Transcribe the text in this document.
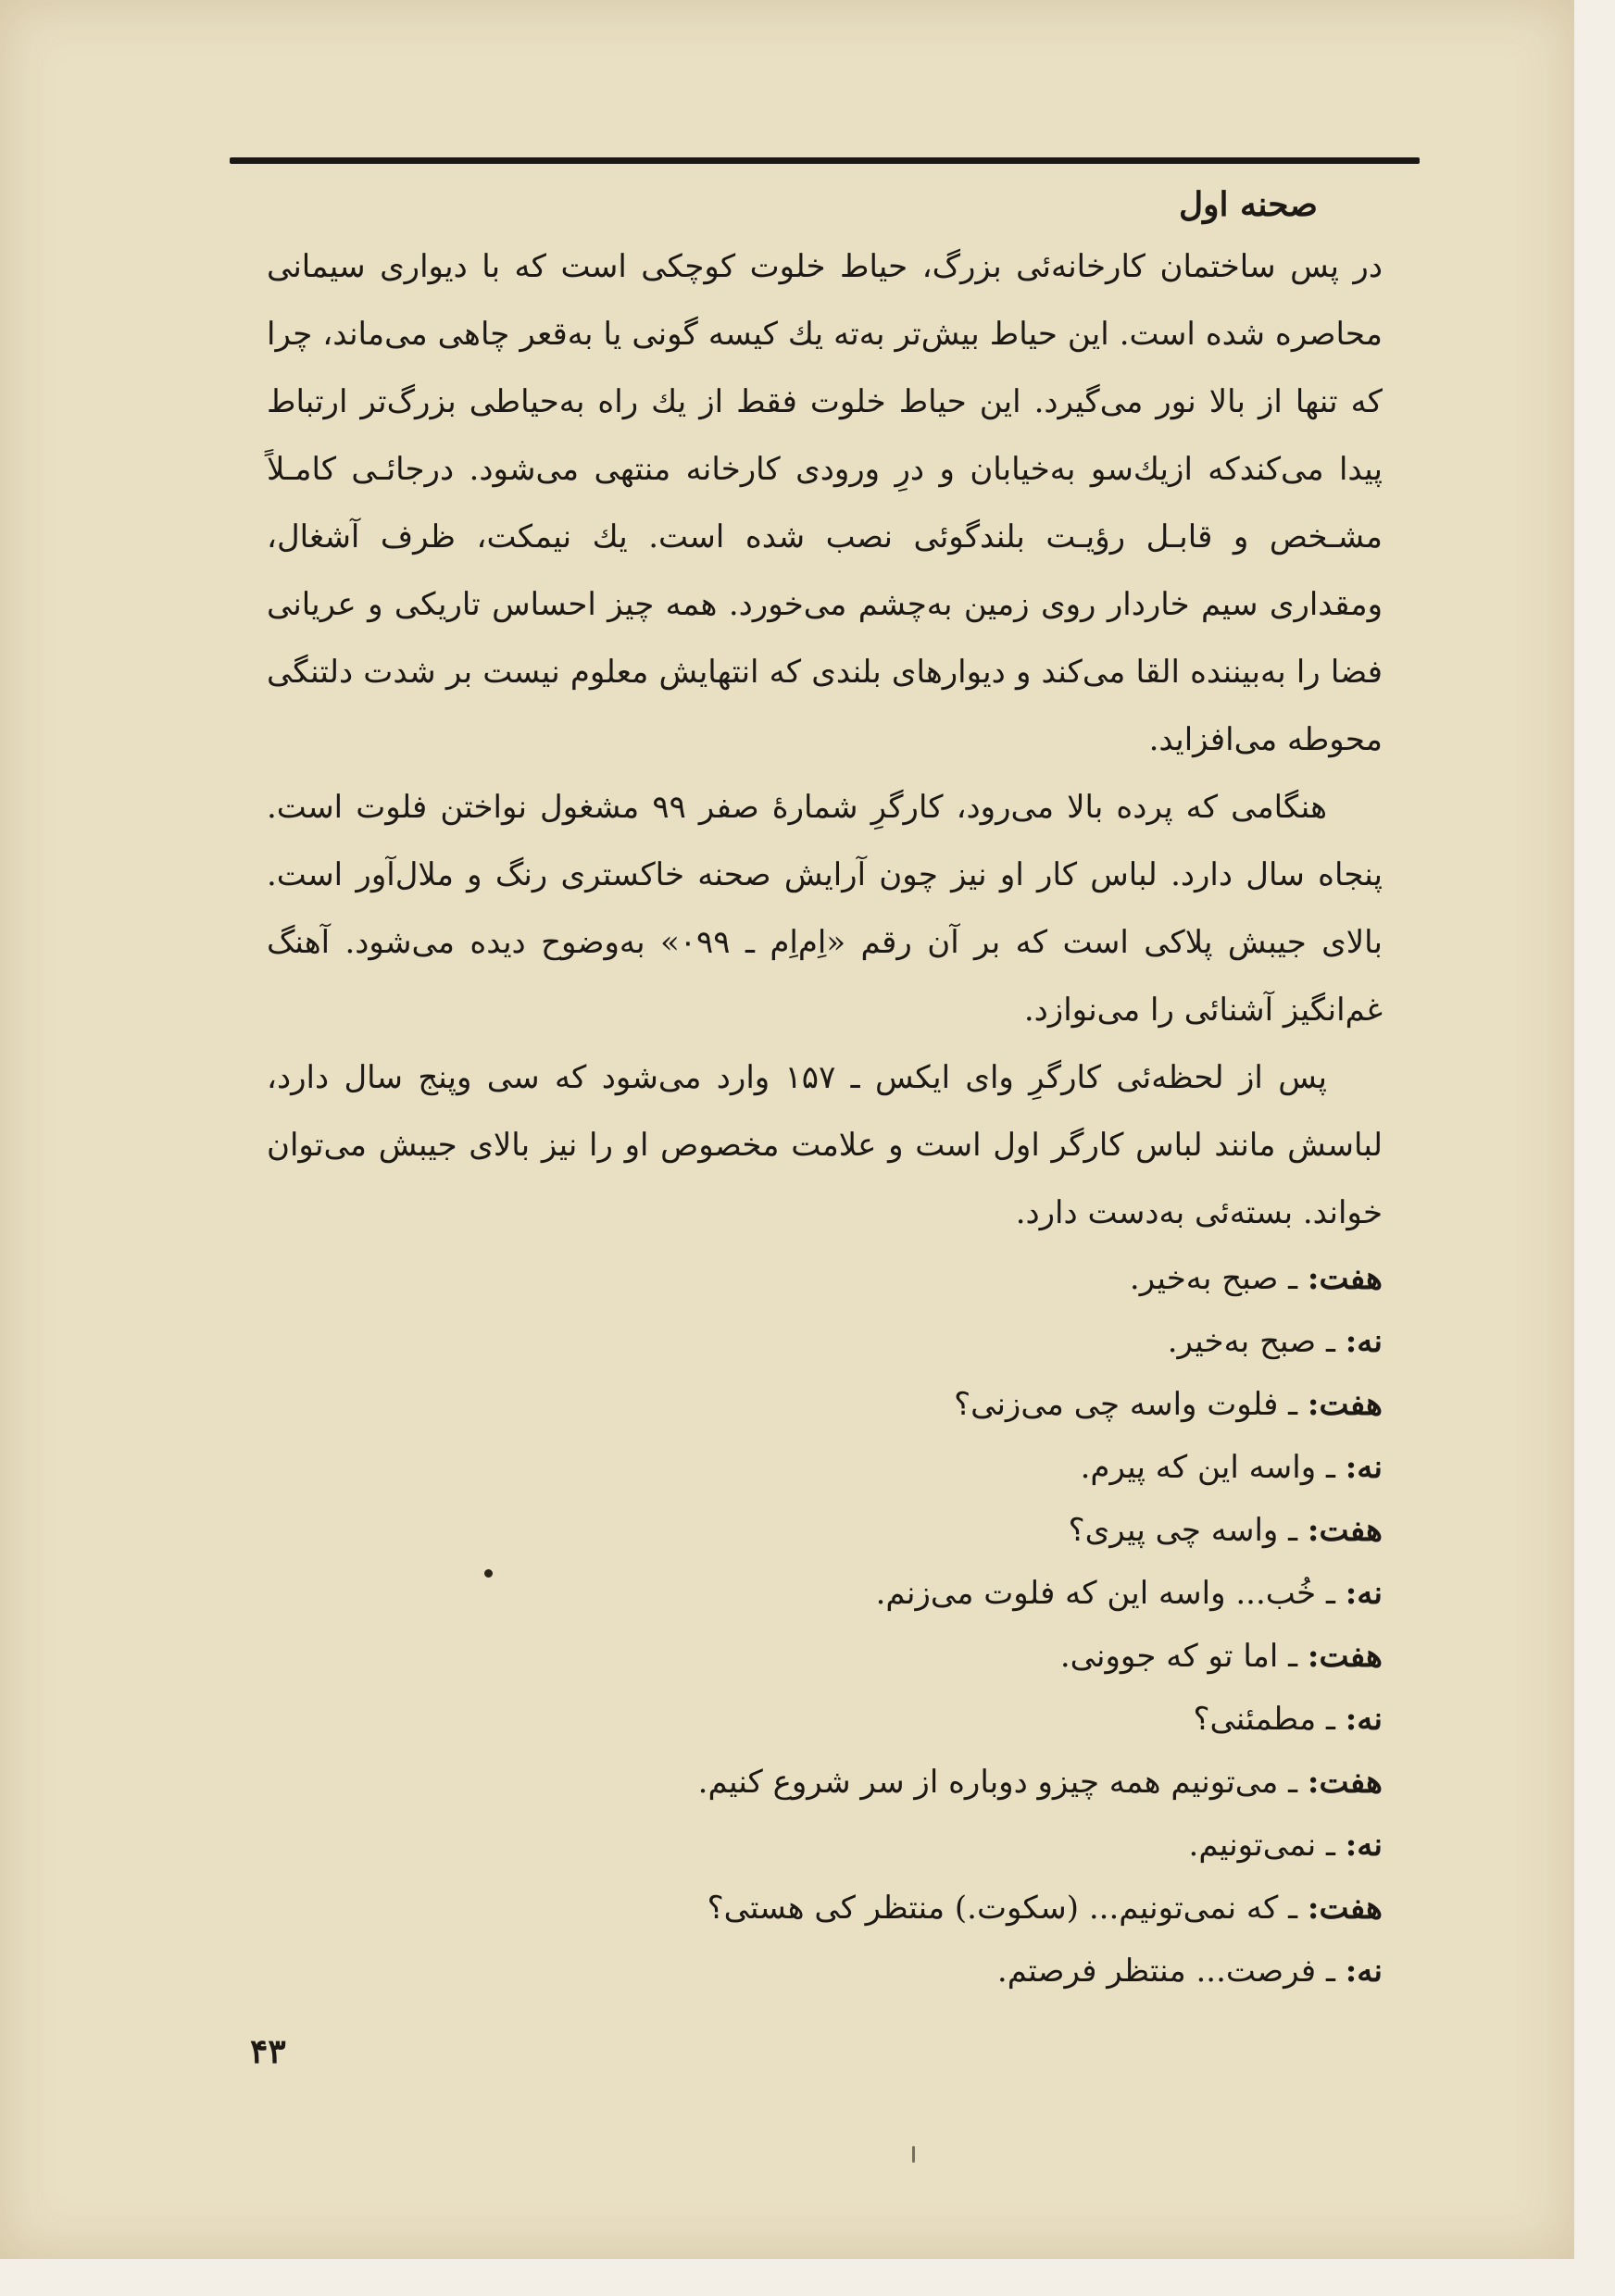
صحنه اول

در پس ساختمان کارخانه‌ئی بزرگ، حیاط خلوت کوچکی است که با دیواری سیمانی محاصره شده است. این حیاط بیش‌تر به‌ته یك کیسه گونی یا به‌قعر چاهی می‌ماند، چرا که تنها از بالا نور می‌گیرد. این حیاط خلوت فقط از یك راه به‌حیاطی بزرگ‌تر ارتباط پیدا می‌کندکه ازیك‌سو به‌خیابان و درِ ورودی کارخانه منتهی می‌شود. درجائـی کامـلاً مشـخص و قابـل رؤیـت بلندگوئی نصب شده است. یك نیمکت، ظرف آشغال، ومقداری سیم خاردار روی زمین به‌چشم می‌خورد. همه چیز احساس تاریکی و عریانی فضا را به‌بیننده القا می‌کند و دیوارهای بلندی که انتهایش معلوم نیست بر شدت دلتنگی محوطه می‌افزاید.

هنگامی که پرده بالا می‌رود، کارگرِ شمارهٔ صفر ۹۹ مشغول نواختن فلوت است. پنجاه سال دارد. لباس کار او نیز چون آرایش صحنه خاکستری رنگ و ملال‌آور است. بالای جیبش پلاکی است که بر آن رقم «اِم‌اِم ـ ۰۹۹» به‌وضوح دیده می‌شود. آهنگ غم‌انگیز آشنائی را می‌نوازد.

پس از لحظه‌ئی کارگرِ وای ایکس ـ ۱۵۷ وارد می‌شود که سی وپنج سال دارد، لباسش مانند لباس کارگر اول است و علامت مخصوص او را نیز بالای جیبش می‌توان خواند. بسته‌ئی به‌دست دارد.

هفت: ـ صبح به‌خیر.
نه: ـ صبح به‌خیر.
هفت: ـ فلوت واسه چی می‌زنی؟
نه: ـ واسه این که پیرم.
هفت: ـ واسه چی پیری؟
نه: ـ خُب... واسه این که فلوت می‌زنم.
هفت: ـ اما تو که جوونی.
نه: ـ مطمئنی؟
هفت: ـ می‌تونیم همه چیزو دوباره از سر شروع کنیم.
نه: ـ نمی‌تونیم.
هفت: ـ که نمی‌تونیم... (سکوت.) منتظر کی هستی؟
نه: ـ فرصت... منتظر فرصتم.
۴۳
